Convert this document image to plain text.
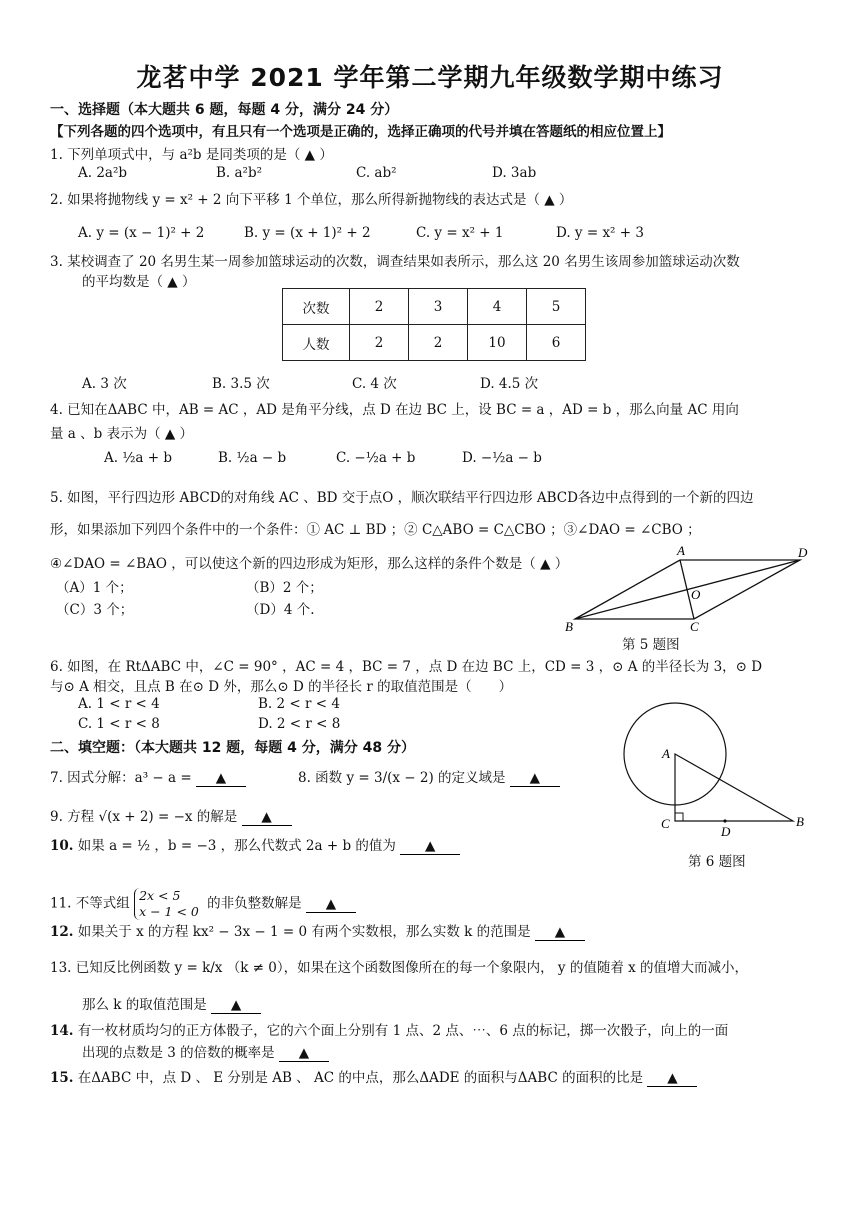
龙茗中学 2021 学年第二学期九年级数学期中练习
一、选择题（本大题共 6 题，每题 4 分，满分 24 分）
【下列各题的四个选项中，有且只有一个选项是正确的，选择正确项的代号并填在答题纸的相应位置上】
1. 下列单项式中，与 a²b 是同类项的是（ ▲ ）
A. 2a²b	B. a²b²	C. ab²	D. 3ab
2. 如果将抛物线 y = x² + 2 向下平移 1 个单位，那么所得新抛物线的表达式是（ ▲ ）
A. y = (x − 1)² + 2	B. y = (x + 1)² + 2	C. y = x² + 1	D. y = x² + 3
3. 某校调查了 20 名男生某一周参加篮球运动的次数，调查结果如表所示，那么这 20 名男生该周参加篮球运动次数
的平均数是（ ▲ ）
次数	2	3	4	5
人数	2	2	10	6
A. 3 次	B. 3.5 次	C. 4 次	D. 4.5 次
4. 已知在ΔABC 中，AB = AC ，AD 是角平分线，点 D 在边 BC 上，设 BC = a ，AD = b ，那么向量 AC 用向
量 a 、b 表示为（ ▲ ）
A. ½a + b	B. ½a − b	C. −½a + b	D. −½a − b
5. 如图，平行四边形 ABCD的对角线 AC 、BD 交于点O ，顺次联结平行四边形 ABCD各边中点得到的一个新的四边
形，如果添加下列四个条件中的一个条件：① AC ⊥ BD ；② C△ABO = C△CBO ；③∠DAO = ∠CBO ；
④∠DAO = ∠BAO ，可以使这个新的四边形成为矩形，那么这样的条件个数是（ ▲ ）
（A）1 个；	（B）2 个；
（C）3 个；	（D）4 个.
A	D
B	C
O
第 5 题图
6. 如图，在 RtΔABC 中，∠C = 90° ，AC = 4 ，BC = 7 ，点 D 在边 BC 上，CD = 3 ，⊙ A 的半径长为 3，⊙ D
与⊙ A 相交，且点 B 在⊙ D 外，那么⊙ D 的半径长 r 的取值范围是（　　）
A. 1 < r < 4	B. 2 < r < 4
C. 1 < r < 8	D. 2 < r < 8
A
C
D
B
第 6 题图
二、填空题：（本大题共 12 题，每题 4 分，满分 48 分）
7. 因式分解：a³ − a = ▲	8. 函数 y = 3/(x − 2) 的定义域是 ▲
9. 方程 √(x + 2) = −x 的解是 ▲
10. 如果 a = ½ ，b = −3 ，那么代数式 2a + b 的值为 ▲
11. 不等式组 2x < 5
x − 1 < 0 的非负整数解是 ▲
12. 如果关于 x 的方程 kx² − 3x − 1 = 0 有两个实数根，那么实数 k 的范围是 ▲
13. 已知反比例函数 y = k/x （k ≠ 0），如果在这个函数图像所在的每一个象限内， y 的值随着 x 的值增大而减小，
那么 k 的取值范围是 ▲
14. 有一枚材质均匀的正方体骰子，它的六个面上分别有 1 点、2 点、⋯、6 点的标记，掷一次骰子，向上的一面
出现的点数是 3 的倍数的概率是 ▲
15. 在ΔABC 中，点 D 、 E 分别是 AB 、 AC 的中点，那么ΔADE 的面积与ΔABC 的面积的比是 ▲
